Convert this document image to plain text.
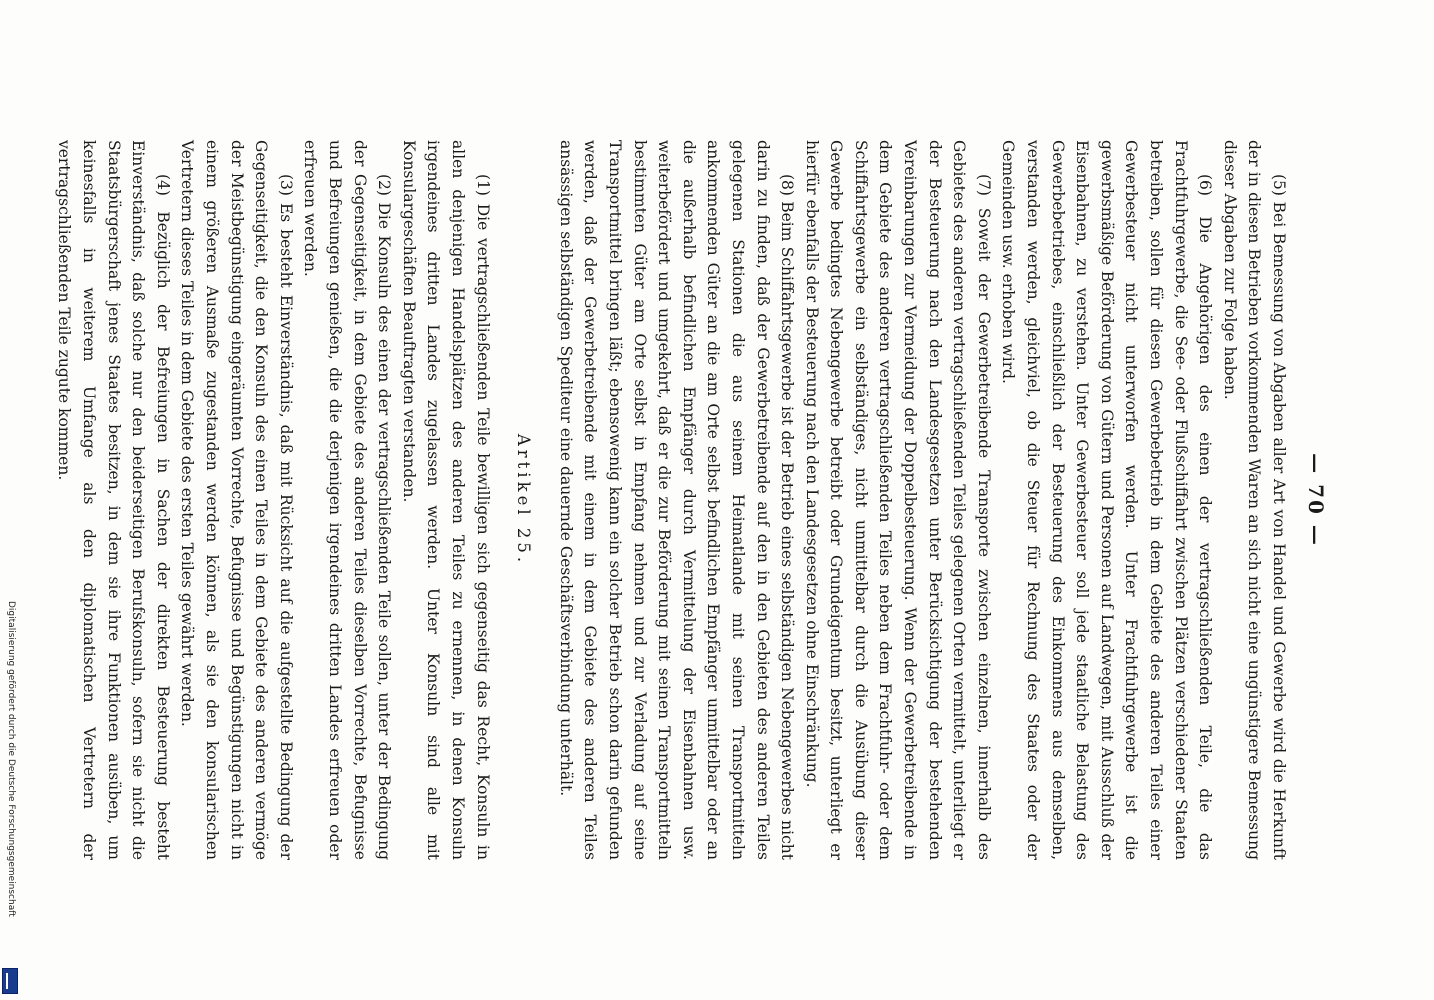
— 70 —

(5) Bei Bemessung von Abgaben aller Art von Handel und Gewerbe wird die Herkunft der in diesen Betrieben vorkommenden Waren an sich nicht eine ungünstigere Bemessung dieser Abgaben zur Folge haben.

(6) Die Angehörigen des einen der vertragschließenden Teile, die das Frachtfuhrgewerbe, die See- oder Flußschiffahrt zwischen Plätzen verschiedener Staaten betreiben, sollen für diesen Gewerbebetrieb in dem Gebiete des anderen Teiles einer Gewerbesteuer nicht unterworfen werden. Unter Frachtfuhrgewerbe ist die gewerbsmäßige Beförderung von Gütern und Personen auf Landwegen, mit Ausschluß der Eisenbahnen, zu verstehen. Unter Gewerbesteuer soll jede staatliche Belastung des Gewerbebetriebes, einschließlich der Besteuerung des Einkommens aus demselben, verstanden werden, gleichviel, ob die Steuer für Rechnung des Staates oder der Gemeinden usw. erhoben wird.

(7) Soweit der Gewerbetreibende Transporte zwischen einzelnen, innerhalb des Gebietes des anderen vertragschließenden Teiles gelegenen Orten vermittelt, unterliegt er der Besteuerung nach den Landesgesetzen unter Berücksichtigung der bestehenden Vereinbarungen zur Vermeidung der Doppelbesteuerung. Wenn der Gewerbetreibende in dem Gebiete des anderen vertragschließenden Teiles neben dem Frachtfuhr- oder dem Schiffahrtsgewerbe ein selbständiges, nicht unmittelbar durch die Ausübung dieser Gewerbe bedingtes Nebengewerbe betreibt oder Grundeigentum besitzt, unterliegt er hierfür ebenfalls der Besteuerung nach den Landesgesetzen ohne Einschränkung.

(8) Beim Schiffahrtsgewerbe ist der Betrieb eines selbständigen Nebengewerbes nicht darin zu finden, daß der Gewerbetreibende auf den in den Gebieten des anderen Teiles gelegenen Stationen die aus seinem Heimatlande mit seinen Transportmitteln ankommenden Güter an die am Orte selbst befindlichen Empfänger unmittelbar oder an die außerhalb befindlichen Empfänger durch Vermittelung der Eisenbahnen usw. weiterbefördert und umgekehrt, daß er die zur Beförderung mit seinen Transportmitteln bestimmten Güter am Orte selbst in Empfang nehmen und zur Verladung auf seine Transportmittel bringen läßt; ebensowenig kann ein solcher Betrieb schon darin gefunden werden, daß der Gewerbetreibende mit einem in dem Gebiete des anderen Teiles ansässigen selbständigen Spediteur eine dauernde Geschäftsverbindung unterhält.

Artikel 25.

(1) Die vertragschließenden Teile bewilligen sich gegenseitig das Recht, Konsuln in allen denjenigen Handelsplätzen des anderen Teiles zu ernennen, in denen Konsuln irgendeines dritten Landes zugelassen werden. Unter Konsuln sind alle mit Konsulargeschäften Beauftragten verstanden.

(2) Die Konsuln des einen der vertragschließenden Teile sollen, unter der Bedingung der Gegenseitigkeit, in dem Gebiete des anderen Teiles dieselben Vorrechte, Befugnisse und Befreiungen genießen, die die derjenigen irgendeines dritten Landes erfreuen oder erfreuen werden.

(3) Es besteht Einverständnis, daß mit Rücksicht auf die aufgestellte Bedingung der Gegenseitigkeit, die den Konsuln des einen Teiles in dem Gebiete des anderen vermöge der Meistbegünstigung eingeräumten Vorrechte, Befugnisse und Begünstigungen nicht in einem größeren Ausmaße zugestanden werden können, als sie den konsularischen Vertretern dieses Teiles in dem Gebiete des ersten Teiles gewährt werden.

(4) Bezüglich der Befreiungen in Sachen der direkten Besteuerung besteht Einverständnis, daß solche nur den beiderseitigen Berufskonsuln, sofern sie nicht die Staatsbürgerschaft jenes Staates besitzen, in dem sie ihre Funktionen ausüben, um keinesfalls in weiterem Umfange als den diplomatischen Vertretern der vertragschließenden Teile zugute kommen.

Digitalisierung gefördert durch die Deutsche Forschungsgemeinschaft
